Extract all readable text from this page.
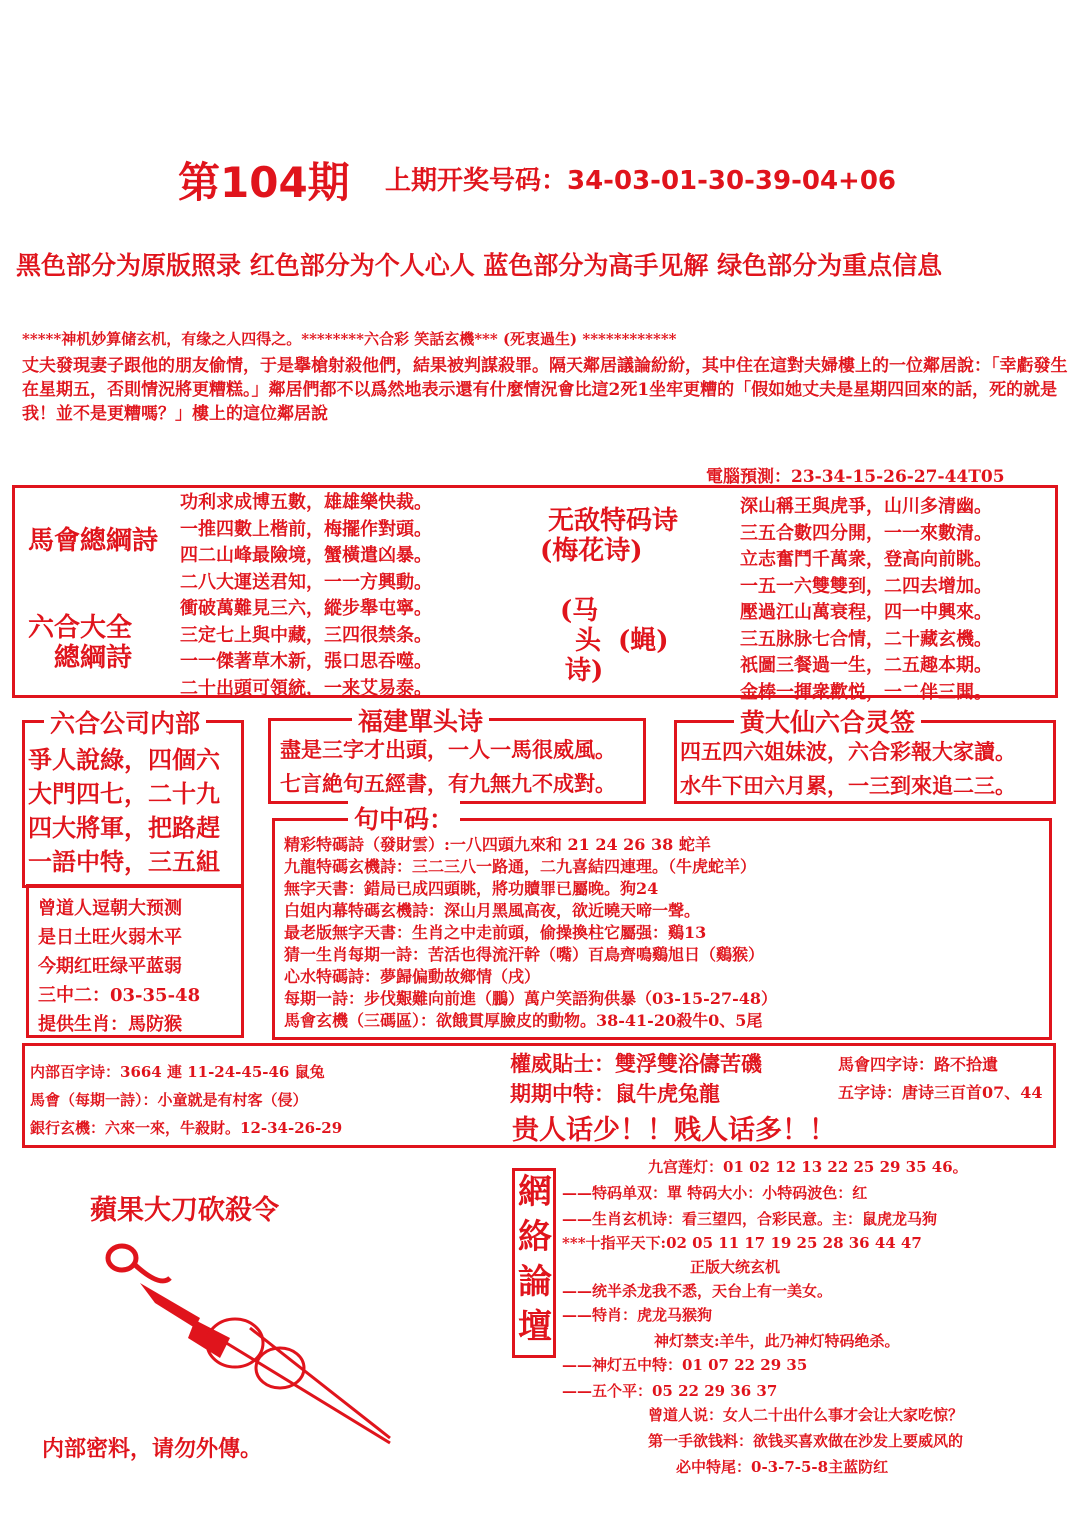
第104期 上期开奖号码：34-03-01-30-39-04+06
黑色部分为原版照录 红色部分为个人心人 蓝色部分为高手见解 绿色部分为重点信息
*****神机妙算储玄机，有缘之人四得之。********六合彩 笑話玄機*** (死衷過生) ************
丈夫發現妻子跟他的朋友偷情，于是擧槍射殺他們，結果被判謀殺罪。隔天鄰居議論紛紛，其中住在這對夫婦樓上的一位鄰居說：「幸虧發生在星期五，否則情況將更糟糕。」鄰居們都不以爲然地表示還有什麼情況會比這2死1坐牢更糟的「假如她丈夫是星期四回來的話，死的就是我！並不是更糟嗎？」樓上的這位鄰居說
電腦預測：23-34-15-26-27-44T05
馬會總綱詩
六合大全
總綱詩
功利求成博五數，雄雄樂快裁。
一推四數上楷前，梅擺作對頭。
四二山峰最險境，蟹橫遣凶暴。
二八大運送君知，一一方興動。
衝破萬難見三六，縱步舉屯寧。
三定七上與中藏，三四很禁条。
一一傑著草木新，張口思吞噬。
二十出頭可領統，一来艾易泰。
无敌特码诗
(梅花诗)
(马
头
诗)
(蝇)
深山稱王與虎爭，山川多清幽。
三五合數四分開，一一來數清。
立志奮鬥千萬衆，登高向前眺。
一五一六雙雙到，二四去增加。
壓過江山萬衰程，四一中興來。
三五脉脉七合情，二十藏玄機。
祇圖三餐過一生，二五趣本期。
金棒一揮衆歡悦，一二伴三開。
六合公司内部
爭人說綠，四個六
大門四七，二十九
四大將軍，把路趕
一語中特，三五組
福建單头诗
盡是三字才出頭，一人一馬很威風。
七言絶句五經書，有九無九不成對。
黄大仙六合灵签
四五四六姐妹波，六合彩報大家讀。
水牛下田六月累，一三到來追二三。
曾道人逗朝大预测
是日土旺火弱木平
今期红旺绿平蓝弱
三中二：03-35-48
提供生肖：馬防猴
句中码：
精彩特碼詩（發財雲）:一八四頭九來和 21 24 26 38 蛇羊
九龍特碼玄機詩：三二三八一路通，二九喜結四連理。（牛虎蛇羊）
無字天書：錯局已成四頭眺，將功贖罪已屬晚。狗24
白姐内幕特碼玄機詩：深山月黑風高夜，欲近曉天啼一聲。
最老版無字天書：生肖之中走前頭，偷操換柱它屬强：鷄13
猜一生肖每期一詩：苦活也得流汗幹（嘴）百鳥齊鳴鷄旭日（鷄猴）
心水特碼詩：夢歸偏動故鄉情（戌）
每期一詩：步伐艱難向前進（鵬）萬户笑語狗供暴（03-15-27-48）
馬會玄機（三碼區）：欲餓貫厚臉皮的動物。38-41-20殺牛0、5尾
内部百字诗：3664 連 11-24-45-46 鼠兔
馬會（每期一詩）：小童就是有村客（侵）
銀行玄機：六來一來，牛殺財。12-34-26-29
權威貼士：雙浮雙浴儔苦磯
期期中特：鼠牛虎兔龍
馬會四字诗：路不拾遺
五字诗：唐诗三百首07、44
贵人话少！！贱人话多！！
蘋果大刀砍殺令
内部密料，请勿外傳。
網
絡
論
壇
九宫莲灯：01 02 12 13 22 25 29 35 46。
——特码单双：單 特码大小：小特码波色：红
——生肖玄机诗：看三望四，合彩民意。主：鼠虎龙马狗
***十指平天下:02 05 11 17 19 25 28 36 44 47
正版大统玄机
——统半杀龙我不悉，天台上有一美女。
——特肖：虎龙马猴狗
神灯禁支:羊牛，此乃神灯特码绝杀。
——神灯五中特：01 07 22 29 35
——五个平：05 22 29 36 37
曾道人说：女人二十出什么事才会让大家吃惊？
第一手欲钱料：欲钱买喜欢做在沙发上要威风的
必中特尾：0-3-7-5-8主蓝防红
